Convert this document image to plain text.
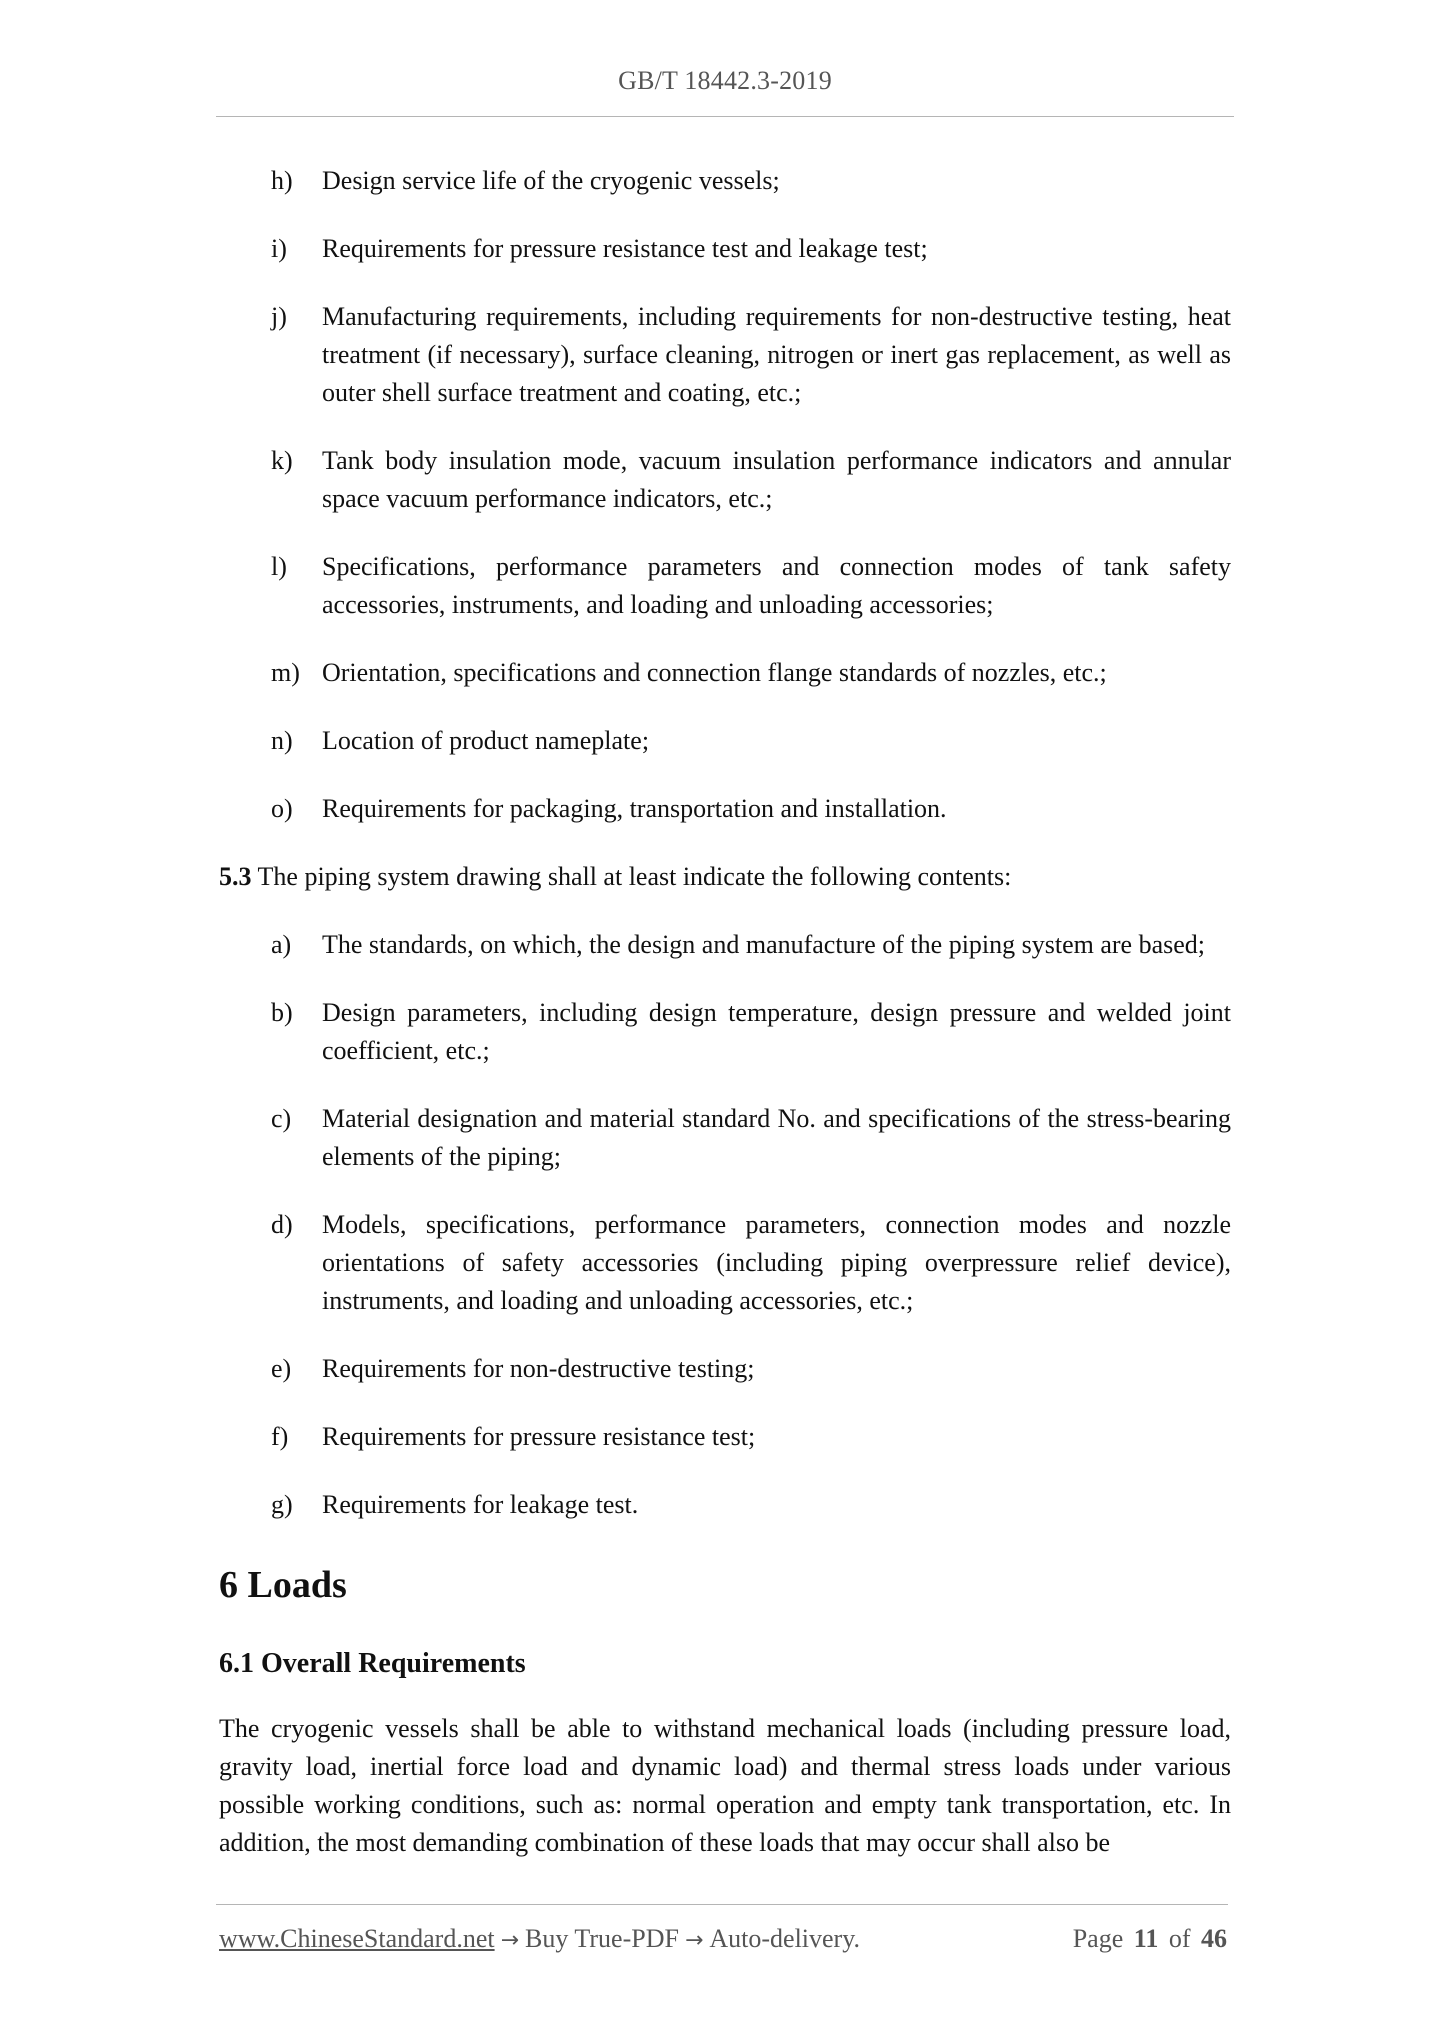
GB/T 18442.3-2019
h)	Design service life of the cryogenic vessels;
i)	Requirements for pressure resistance test and leakage test;
j)	Manufacturing requirements, including requirements for non-destructive testing, heat treatment (if necessary), surface cleaning, nitrogen or inert gas replacement, as well as outer shell surface treatment and coating, etc.;
k)	Tank body insulation mode, vacuum insulation performance indicators and annular space vacuum performance indicators, etc.;
l)	Specifications, performance parameters and connection modes of tank safety accessories, instruments, and loading and unloading accessories;
m) Orientation, specifications and connection flange standards of nozzles, etc.;
n)	Location of product nameplate;
o)	Requirements for packaging, transportation and installation.

5.3 The piping system drawing shall at least indicate the following contents:

a)	The standards, on which, the design and manufacture of the piping system are based;
b)	Design parameters, including design temperature, design pressure and welded joint coefficient, etc.;
c)	Material designation and material standard No. and specifications of the stress-bearing elements of the piping;
d)	Models, specifications, performance parameters, connection modes and nozzle orientations of safety accessories (including piping overpressure relief device), instruments, and loading and unloading accessories, etc.;
e)	Requirements for non-destructive testing;
f)	Requirements for pressure resistance test;
g)	Requirements for leakage test.
6 Loads
6.1 Overall Requirements

The cryogenic vessels shall be able to withstand mechanical loads (including pressure load, gravity load, inertial force load and dynamic load) and thermal stress loads under various possible working conditions, such as: normal operation and empty tank transportation, etc. In addition, the most demanding combination of these loads that may occur shall also be

www.ChineseStandard.net → Buy True-PDF → Auto-delivery.	Page 11 of 46
